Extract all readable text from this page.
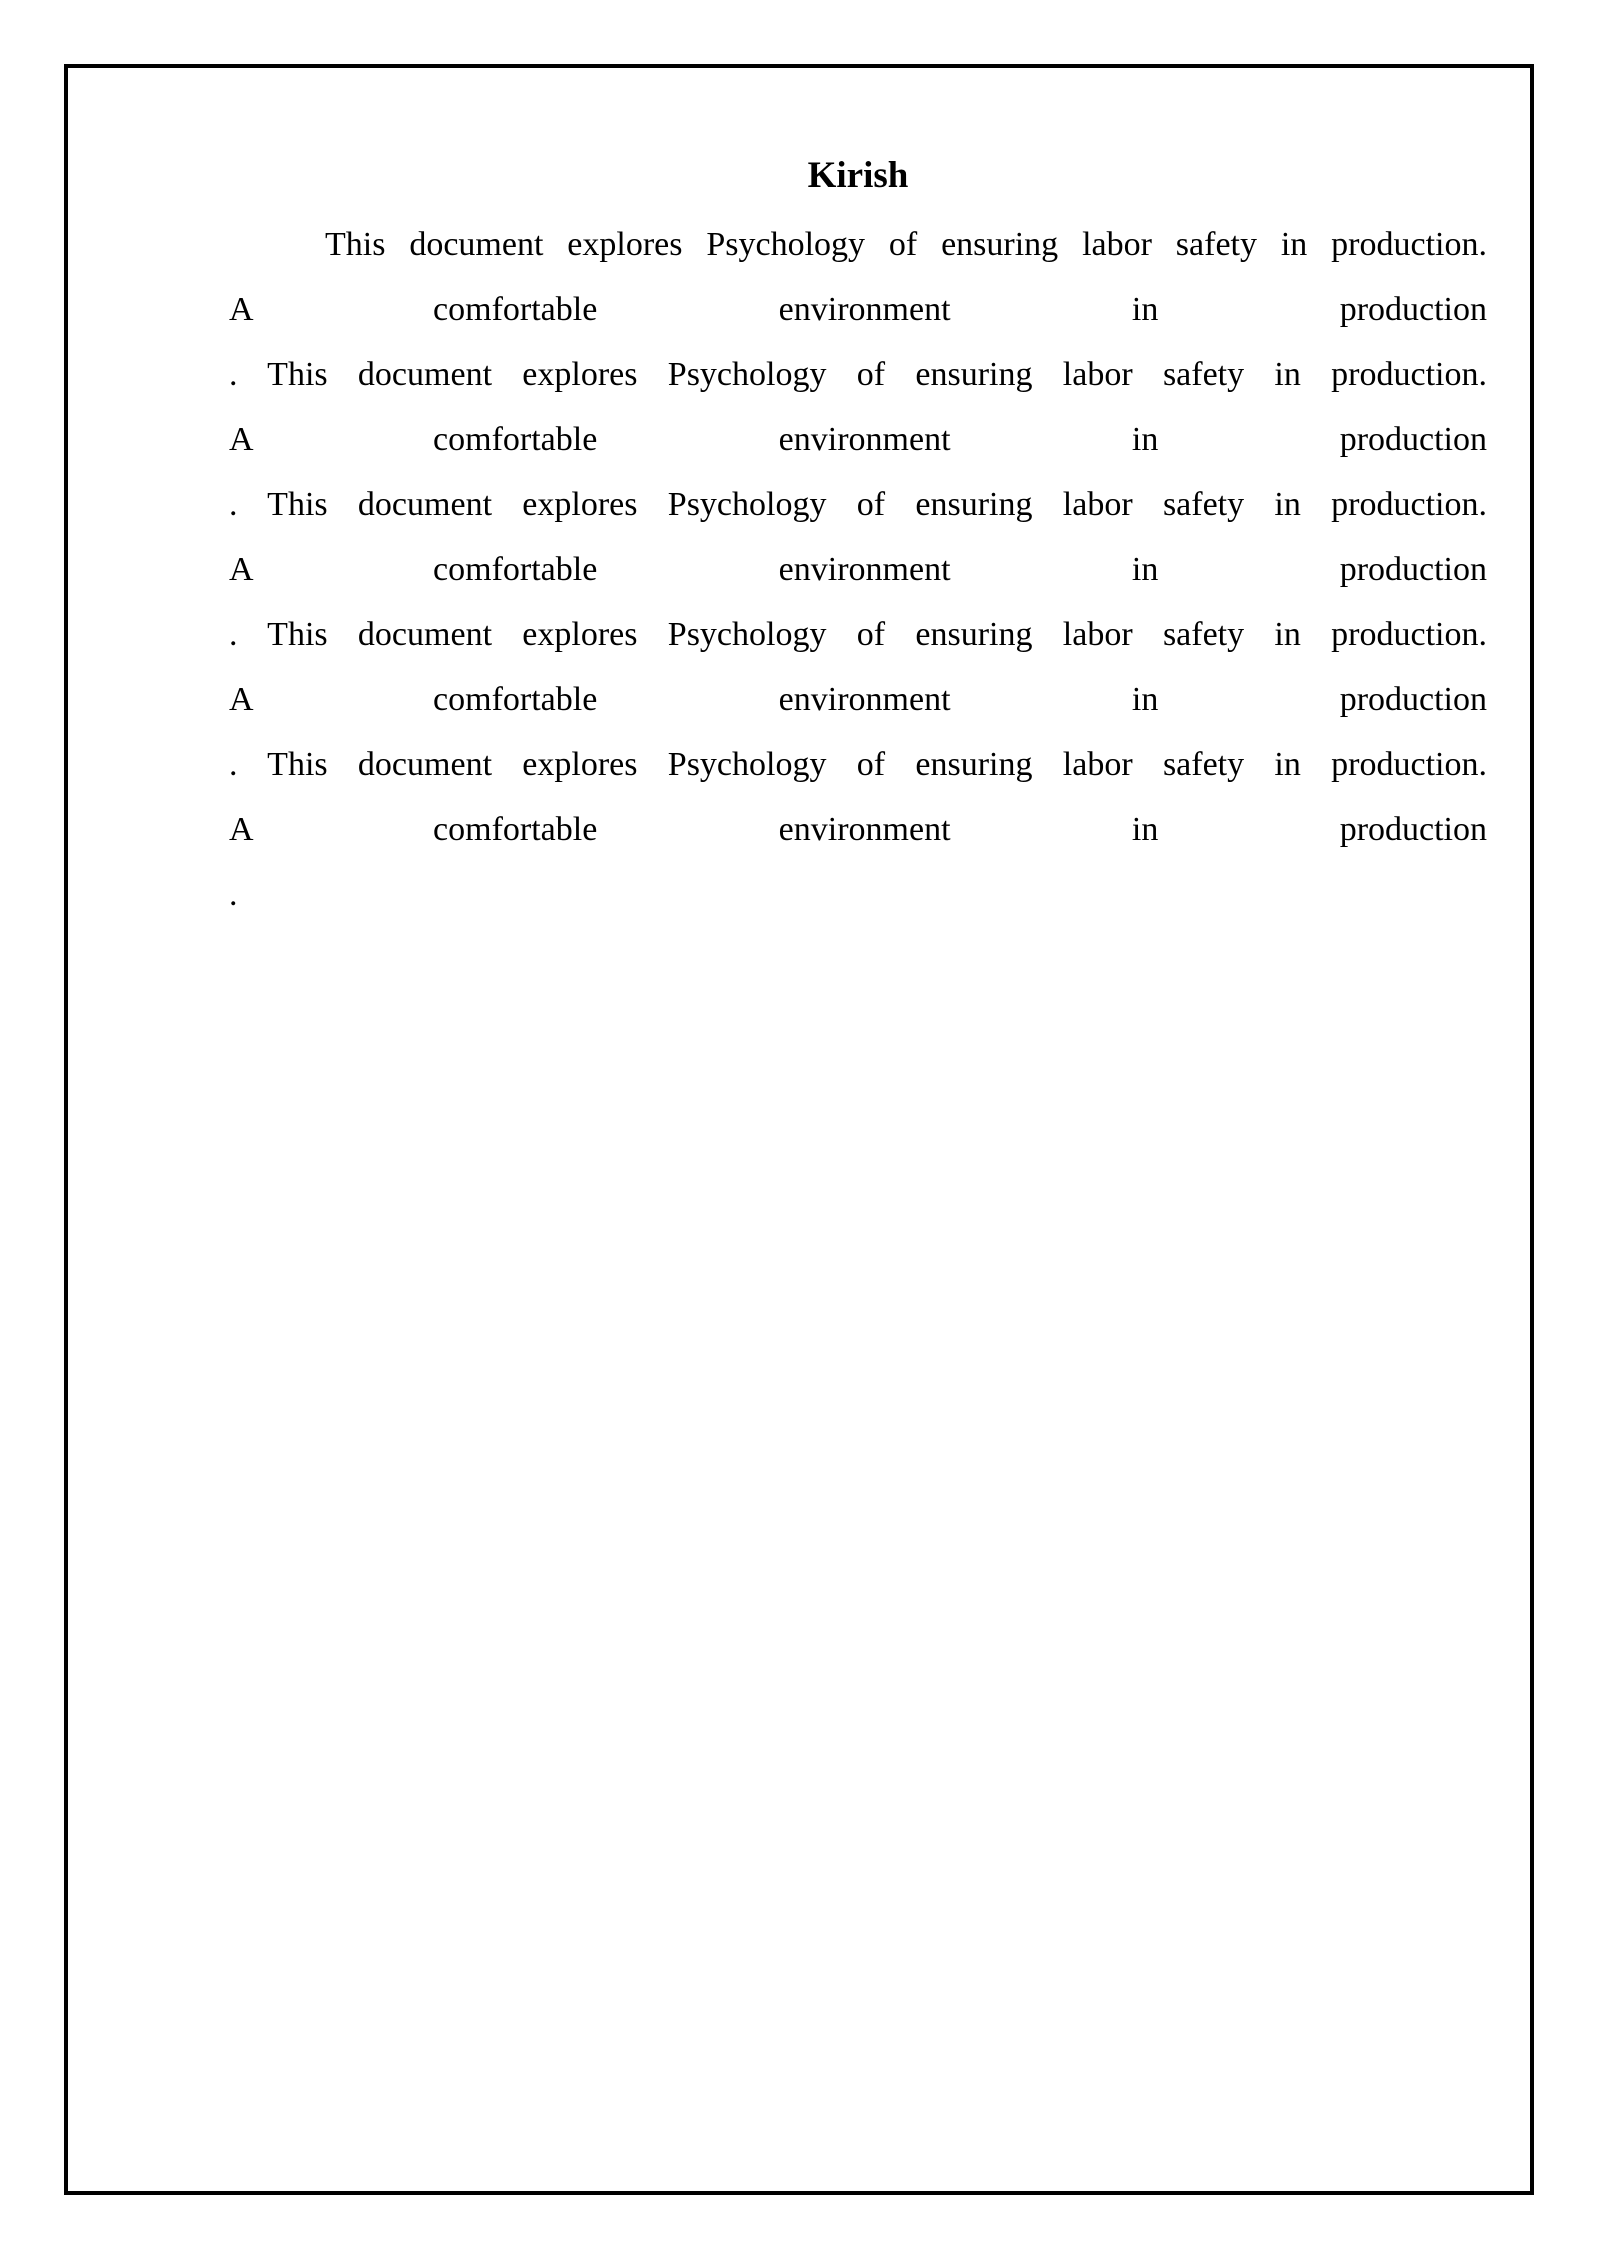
Kirish
This document explores Psychology of ensuring labor safety in production.
A comfortable environment in production
. This document explores Psychology of ensuring labor safety in production.
A comfortable environment in production
. This document explores Psychology of ensuring labor safety in production.
A comfortable environment in production
. This document explores Psychology of ensuring labor safety in production.
A comfortable environment in production
. This document explores Psychology of ensuring labor safety in production.
A comfortable environment in production
.
